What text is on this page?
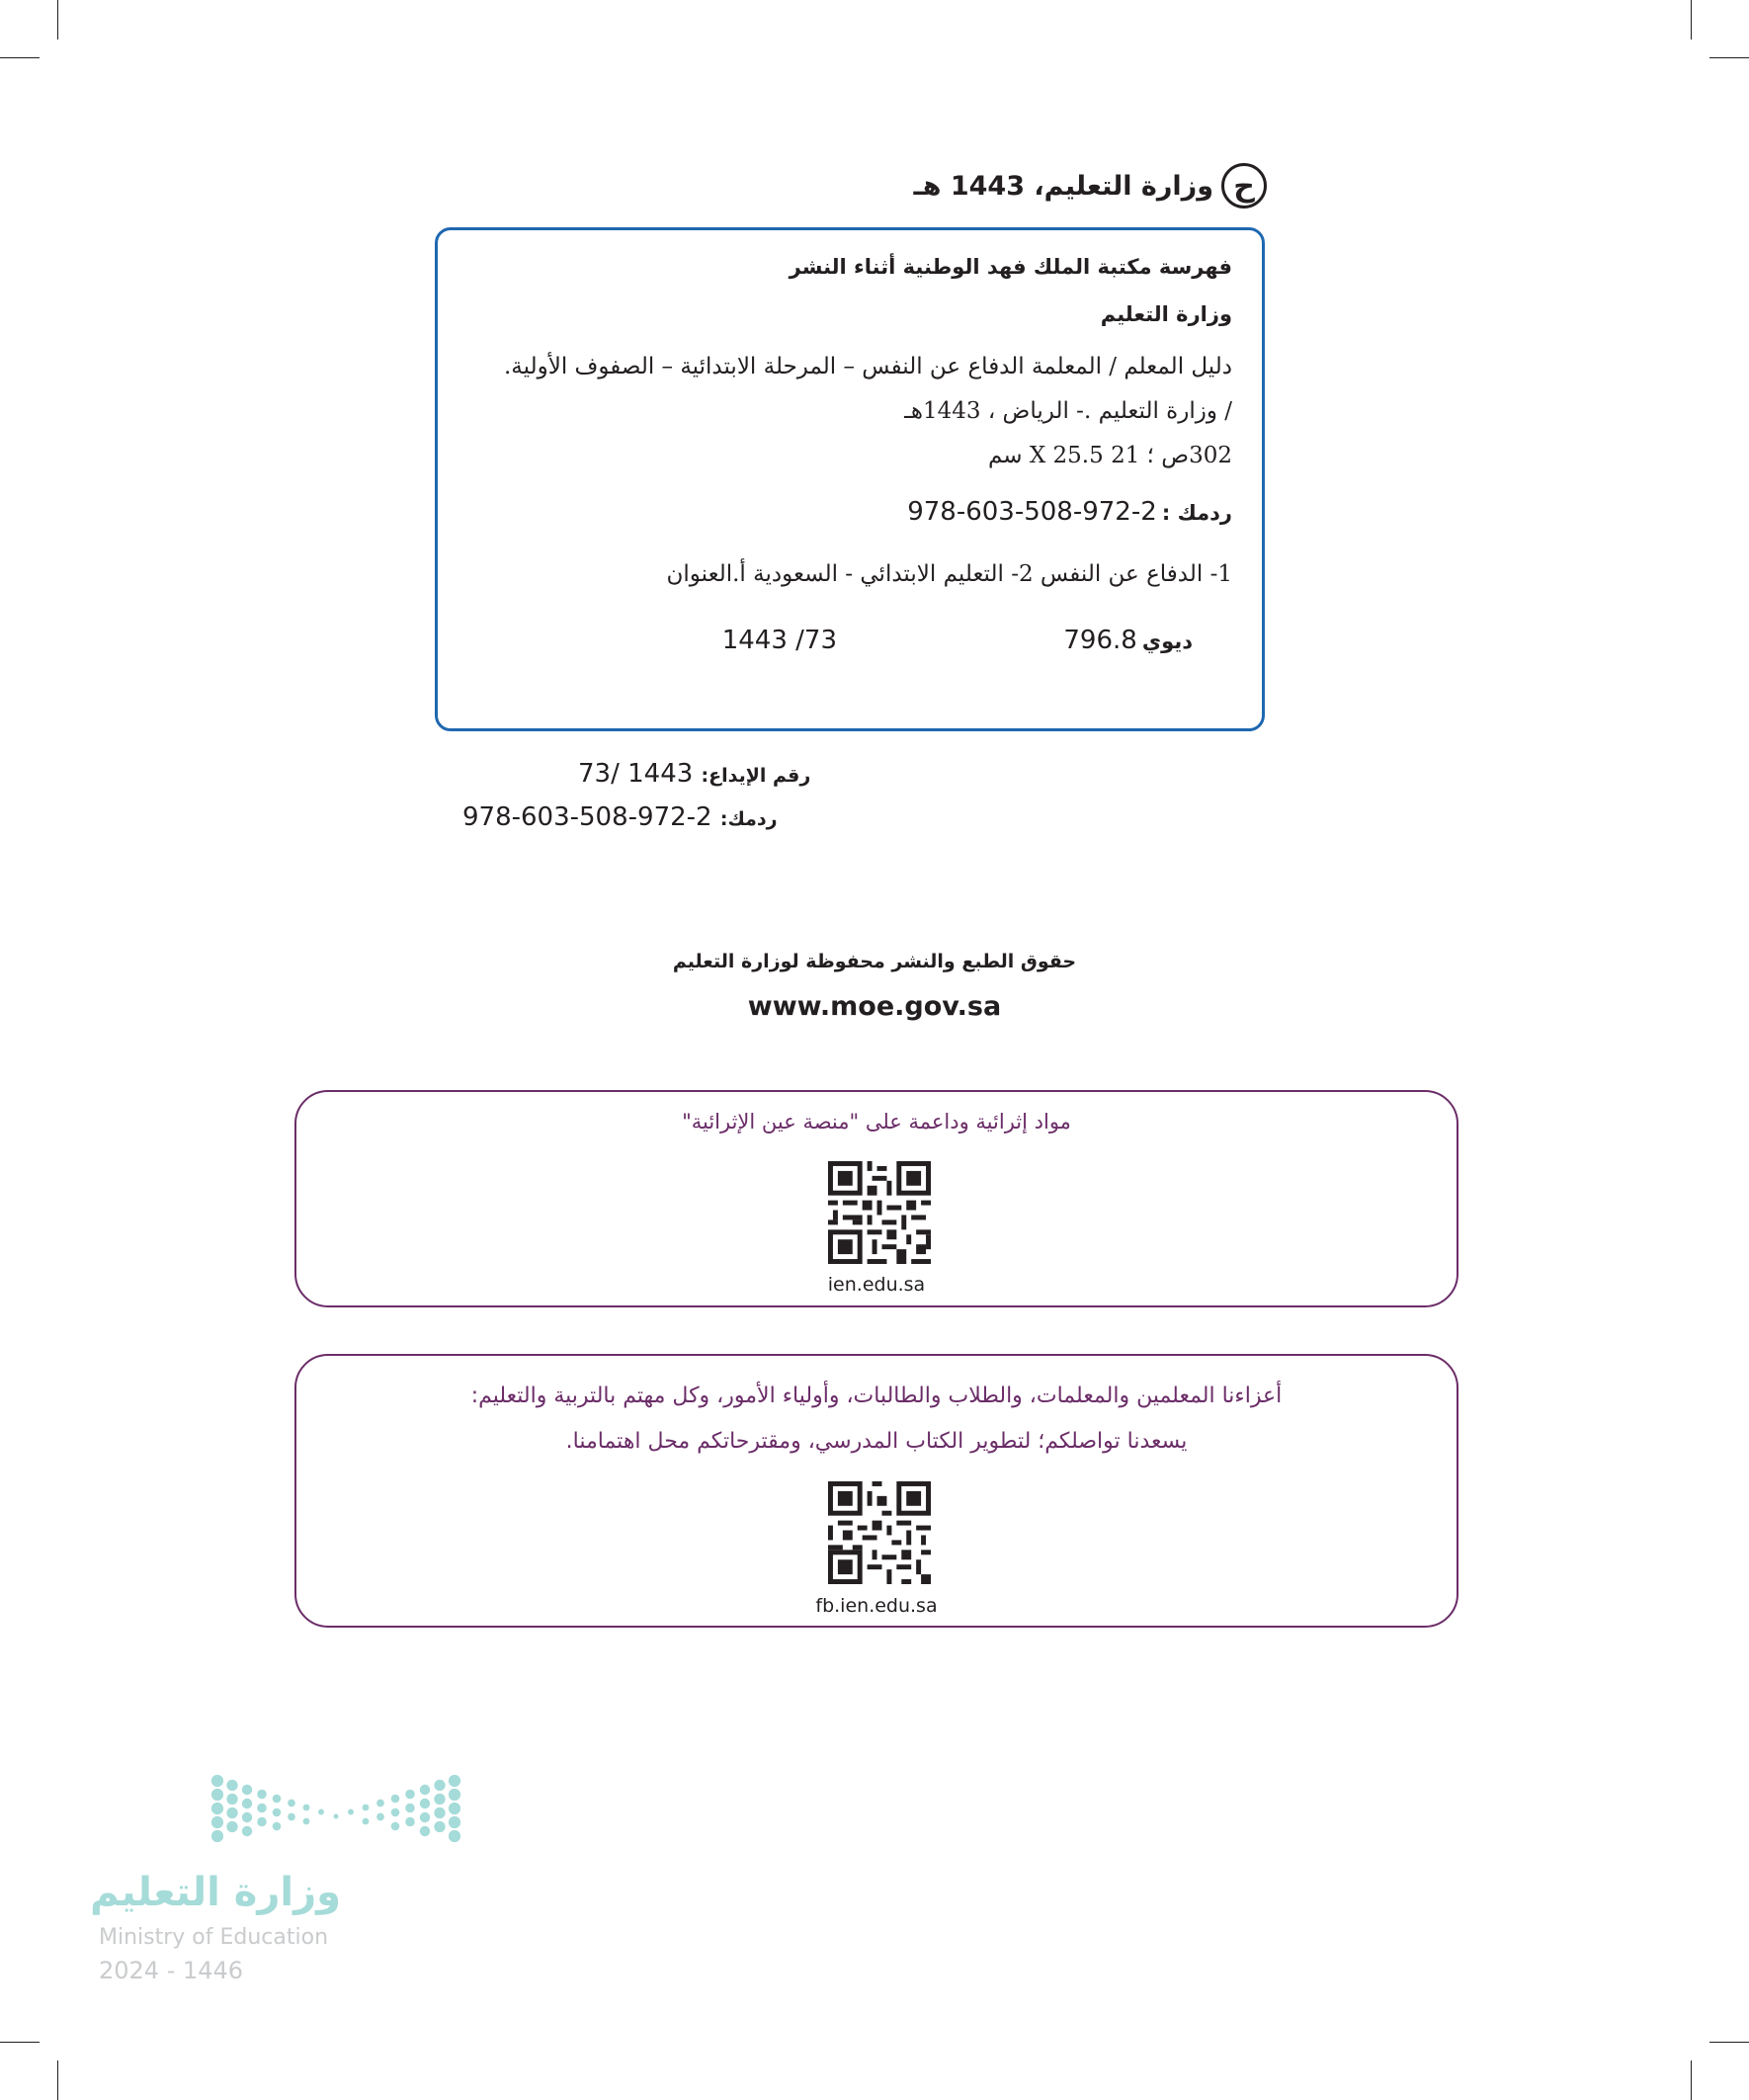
ح
وزارة التعليم، 1443 هـ
فهرسة مكتبة الملك فهد الوطنية أثناء النشر
وزارة التعليم
دليل المعلم / المعلمة الدفاع عن النفس – المرحلة الابتدائية – الصفوف الأولية.
/ وزارة التعليم .- الرياض ، 1443هـ
302ص ؛ 21 X 25.5 سم
ردمك : 978-603-508-972-2
1- الدفاع عن النفس 2- التعليم الابتدائي - السعودية أ.العنوان
ديوي 796.8
1443 /73
رقم الإيداع: 73/ 1443
ردمك: 978-603-508-972-2
حقوق الطبع والنشر محفوظة لوزارة التعليم
www.moe.gov.sa
مواد إثرائية وداعمة على "منصة عين الإثرائية"
ien.edu.sa
أعزاءنا المعلمين والمعلمات، والطلاب والطالبات، وأولياء الأمور، وكل مهتم بالتربية والتعليم:
يسعدنا تواصلكم؛ لتطوير الكتاب المدرسي، ومقترحاتكم محل اهتمامنا.
fb.ien.edu.sa
وزارة التعليم
Ministry of Education
2024 - 1446
